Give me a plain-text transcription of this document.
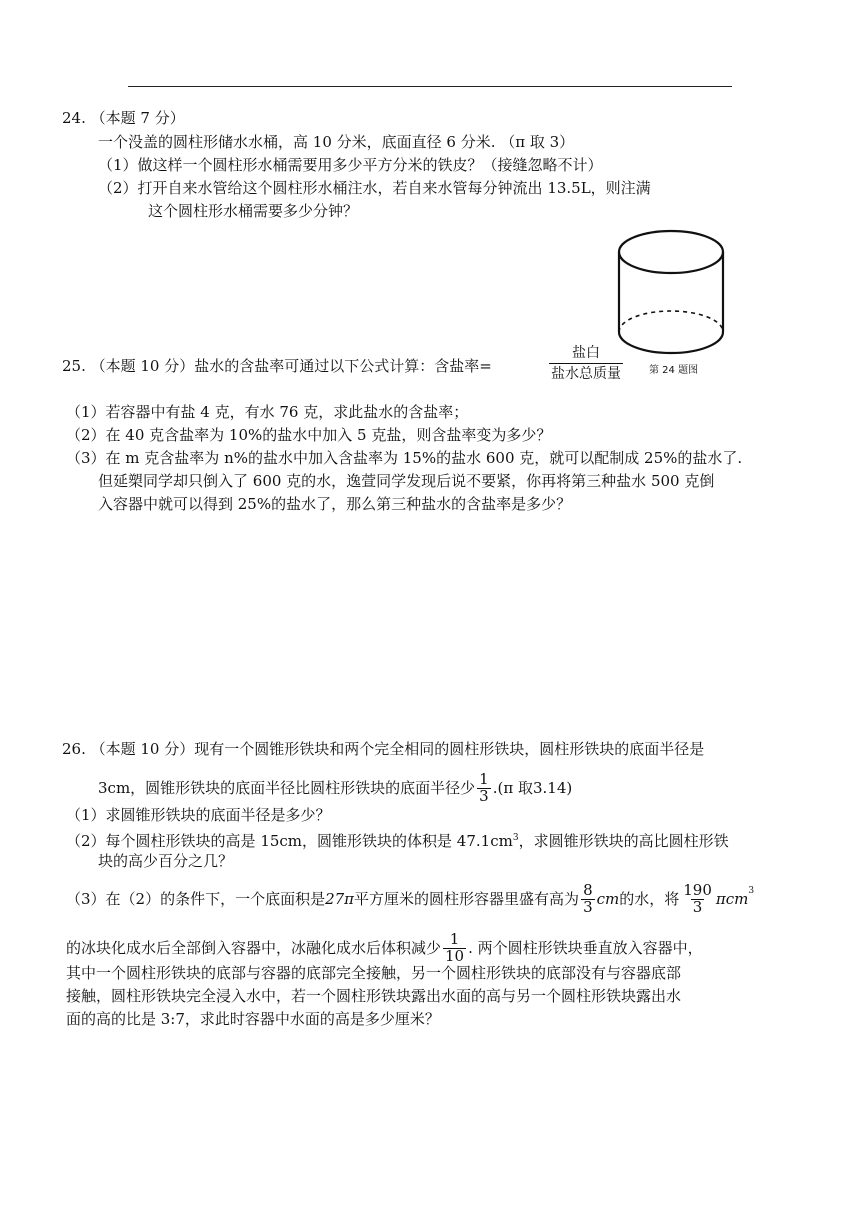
24. （本题 7 分）
一个没盖的圆柱形储水水桶，高 10 分米，底面直径 6 分米. （π 取 3）
（1）做这样一个圆柱形水桶需要用多少平方分米的铁皮？（接缝忽略不计）
（2）打开自来水管给这个圆柱形水桶注水，若自来水管每分钟流出 13.5L，则注满
这个圆柱形水桶需要多少分钟？
25. （本题 10 分）盐水的含盐率可通过以下公式计算：含盐率=
盐白
盐水总质量	第 24 题图
（1）若容器中有盐 4 克，有水 76 克，求此盐水的含盐率；
（2）在 40 克含盐率为 10%的盐水中加入 5 克盐，则含盐率变为多少？
（3）在 m 克含盐率为 n%的盐水中加入含盐率为 15%的盐水 600 克，就可以配制成 25%的盐水了.
但延槊同学却只倒入了 600 克的水，逸萱同学发现后说不要紧，你再将第三种盐水 500 克倒
入容器中就可以得到 25%的盐水了，那么第三种盐水的含盐率是多少？
26. （本题 10 分）现有一个圆锥形铁块和两个完全相同的圆柱形铁块，圆柱形铁块的底面半径是
3cm，圆锥形铁块的底面半径比圆柱形铁块的底面半径少 $\frac{1}{3} .(\pi$ 取3.14)
（1）求圆锥形铁块的底面半径是多少？
（2）每个圆柱形铁块的高是 15cm，圆锥形铁块的体积是 $47.1cm^3$，求圆锥形铁块的高比圆柱形铁
块的高少百分之几？
（3）在（2）的条件下，一个底面积是 27π 平方厘米的圆柱形容器里盛有高为 $\frac{8}{3}$ cm 的水，将 $\frac{190}{3} \pi cm^3$
的冰块化成水后全部倒入容器中，冰融化成水后体积减少 $\frac{1}{10}$ . 两个圆柱形铁块垂直放入容器中，
其中一个圆柱形铁块的底部与容器的底部完全接触，另一个圆柱形铁块的底部没有与容器底部
接触，圆柱形铁块完全浸入水中，若一个圆柱形铁块露出水面的高与另一个圆柱形铁块露出水
面的高的比是 3:7，求此时容器中水面的高是多少厘米？
